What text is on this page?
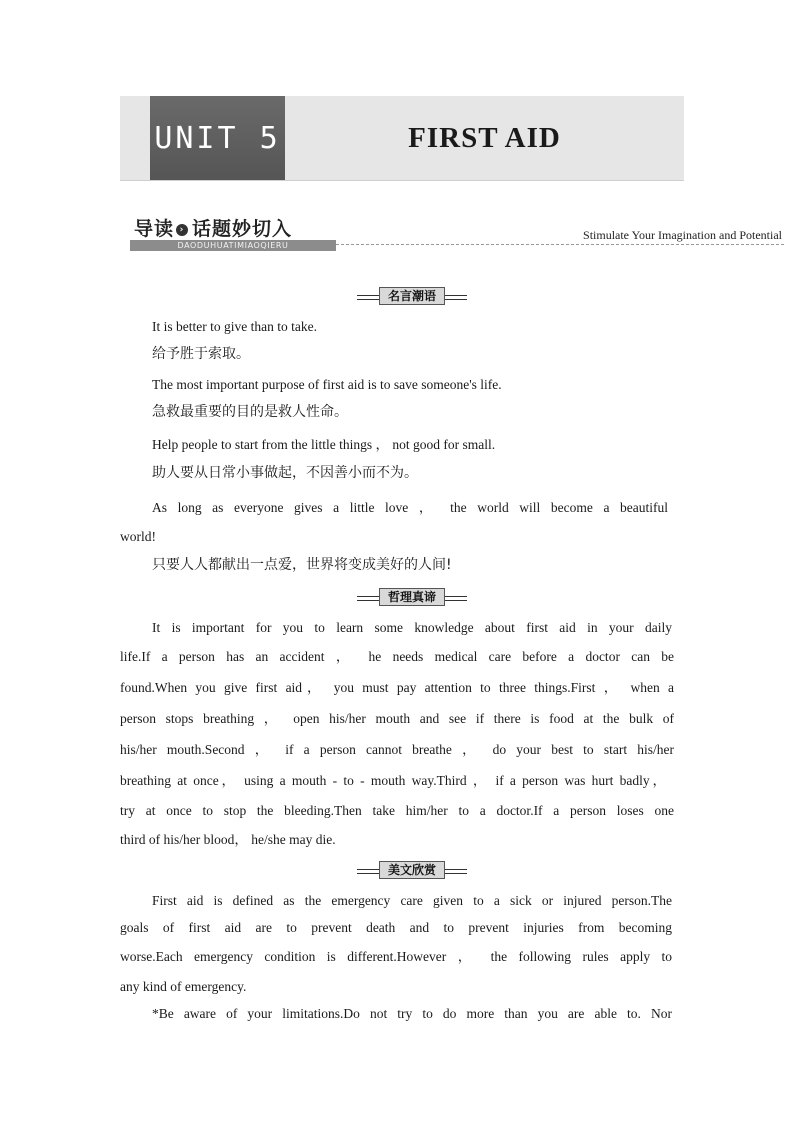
UNIT 5	FIRST AID
导读 › 话题妙切入
DAODUHUATIMIAOQIERU
Stimulate Your Imagination and Potential
名言潮语
It is better to give than to take.
给予胜于索取。
The most important purpose of first aid is to save someone's life.
急救最重要的目的是救人性命。
Help people to start from the little things ， not good for small.
助人要从日常小事做起，不因善小而不为。
As long as everyone gives a little love ， the world will become a beautiful
world!
只要人人都献出一点爱，世界将变成美好的人间!
哲理真谛
It is important for you to learn some knowledge about first aid in your daily
life.If a person has an accident ， he needs medical care before a doctor can be
found.When you give first aid， you must pay attention to three things.First ， when a
person stops breathing ， open his/her mouth and see if there is food at the bulk of
his/her mouth.Second ， if a person cannot breathe ， do your best to start his/her
breathing at once， using a mouth - to - mouth way.Third ， if a person was hurt badly，
try at once to stop the bleeding.Then take him/her to a doctor.If a person loses one
third of his/her blood， he/she may die.
美文欣赏
First aid is defined as the emergency care given to a sick or injured person.The
goals of first aid are to prevent death and to prevent injuries from becoming
worse.Each emergency condition is different.However ， the following rules apply to
any kind of emergency.
*Be aware of your limitations.Do not try to do more than you are able to. Nor
